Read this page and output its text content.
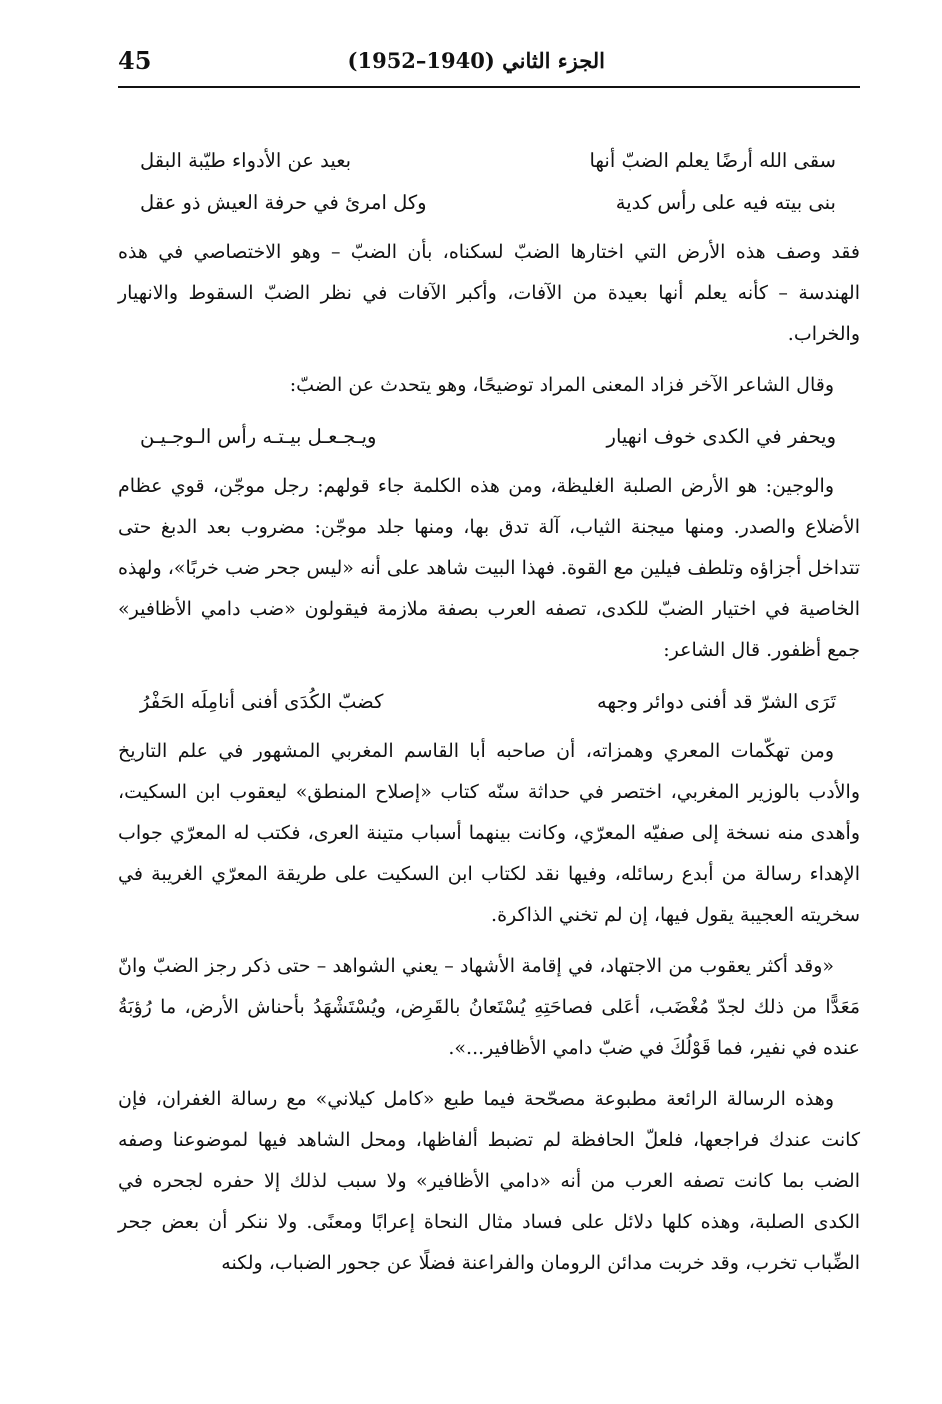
الجزء الثاني (1940–1952)
45
سقى الله أرضًا يعلم الضبّ أنها
بعيد عن الأدواء طيّبة البقل
بنى بيته فيه على رأس كدية
وكل امرئ في حرفة العيش ذو عقل

فقد وصف هذه الأرض التي اختارها الضبّ لسكناه، بأن الضبّ – وهو الاختصاصي في هذه الهندسة – كأنه يعلم أنها بعيدة من الآفات، وأكبر الآفات في نظر الضبّ السقوط والانهيار والخراب.

وقال الشاعر الآخر فزاد المعنى المراد توضيحًا، وهو يتحدث عن الضبّ:

ويحفر في الكدى خوف انهيار
ويـجـعـل بيـتـه رأس الـوجـيـن

والوجين: هو الأرض الصلبة الغليظة، ومن هذه الكلمة جاء قولهم: رجل موجّن، قوي عظام الأضلاع والصدر. ومنها ميجنة الثياب، آلة تدق بها، ومنها جلد موجّن: مضروب بعد الدبغ حتى تتداخل أجزاؤه وتلطف فيلين مع القوة. فهذا البيت شاهد على أنه «ليس جحر ضب خربًا»، ولهذه الخاصية في اختيار الضبّ للكدى، تصفه العرب بصفة ملازمة فيقولون «ضب دامي الأظافير» جمع أظفور. قال الشاعر:

تَرَى الشرّ قد أفنى دوائر وجهه
كضبّ الكُدَى أفنى أنامِلَه الحَفْرُ

ومن تهكّمات المعري وهمزاته، أن صاحبه أبا القاسم المغربي المشهور في علم التاريخ والأدب بالوزير المغربي، اختصر في حداثة سنّه كتاب «إصلاح المنطق» ليعقوب ابن السكيت، وأهدى منه نسخة إلى صفيّه المعرّي، وكانت بينهما أسباب متينة العرى، فكتب له المعرّي جواب الإهداء رسالة من أبدع رسائله، وفيها نقد لكتاب ابن السكيت على طريقة المعرّي الغريبة في سخريته العجيبة يقول فيها، إن لم تخني الذاكرة.

«وقد أكثر يعقوب من الاجتهاد، في إقامة الأشهاد – يعني الشواهد – حتى ذكر رجز الضبّ وانّ مَعَدًّا من ذلك لجدّ مُغْضَب، أعَلى فصاحَتِهِ يُسْتَعانُ بالقَرِض، ويُسْتَشْهَدُ بأحناش الأرض، ما رُؤبَةُ عنده في نفير، فما قَوْلُكَ في ضبّ دامي الأظافير...».

وهذه الرسالة الرائعة مطبوعة مصحّحة فيما طبع «كامل كيلاني» مع رسالة الغفران، فإن كانت عندك فراجعها، فلعلّ الحافظة لم تضبط ألفاظها، ومحل الشاهد فيها لموضوعنا وصفه الضب بما كانت تصفه العرب من أنه «دامي الأظافير» ولا سبب لذلك إلا حفره لجحره في الكدى الصلبة، وهذه كلها دلائل على فساد مثال النحاة إعرابًا ومعنًى. ولا ننكر أن بعض جحر الضِّباب تخرب، وقد خربت مدائن الرومان والفراعنة فضلًا عن جحور الضباب، ولكنه
